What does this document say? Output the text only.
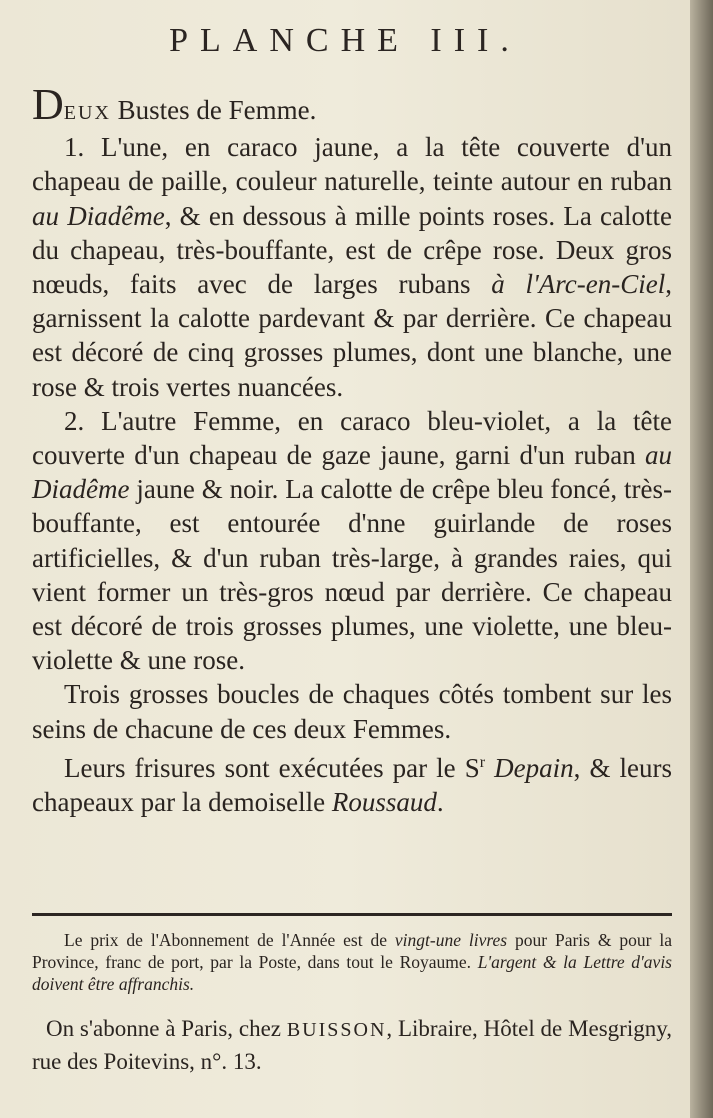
PLANCHE III.

DEUX Bustes de Femme.

1. L'une, en caraco jaune, a la tête couverte d'un chapeau de paille, couleur naturelle, teinte autour en ruban au Diadême, & en dessous à mille points roses. La calotte du chapeau, très-bouffante, est de crêpe rose. Deux gros nœuds, faits avec de larges rubans à l'Arc-en-Ciel, garnissent la calotte pardevant & par derrière. Ce chapeau est décoré de cinq grosses plumes, dont une blanche, une rose & trois vertes nuancées.

2. L'autre Femme, en caraco bleu-violet, a la tête couverte d'un chapeau de gaze jaune, garni d'un ruban au Diadême jaune & noir. La calotte de crêpe bleu foncé, très-bouffante, est entourée d'nne guirlande de roses artificielles, & d'un ruban très-large, à grandes raies, qui vient former un très-gros nœud par derrière. Ce chapeau est décoré de trois grosses plumes, une violette, une bleu-violette & une rose.

Trois grosses boucles de chaques côtés tombent sur les seins de chacune de ces deux Femmes.

Leurs frisures sont exécutées par le $S^r$ Depain, & leurs chapeaux par la demoiselle Roussaud.

Le prix de l'Abonnement de l'Année est de vingt-une livres pour Paris & pour la Province, franc de port, par la Poste, dans tout le Royaume. L'argent & la Lettre d'avis doivent être affranchis.

On s'abonne à Paris, chez BUISSON, Libraire, Hôtel de Mesgrigny, rue des Poitevins, n°. 13.
